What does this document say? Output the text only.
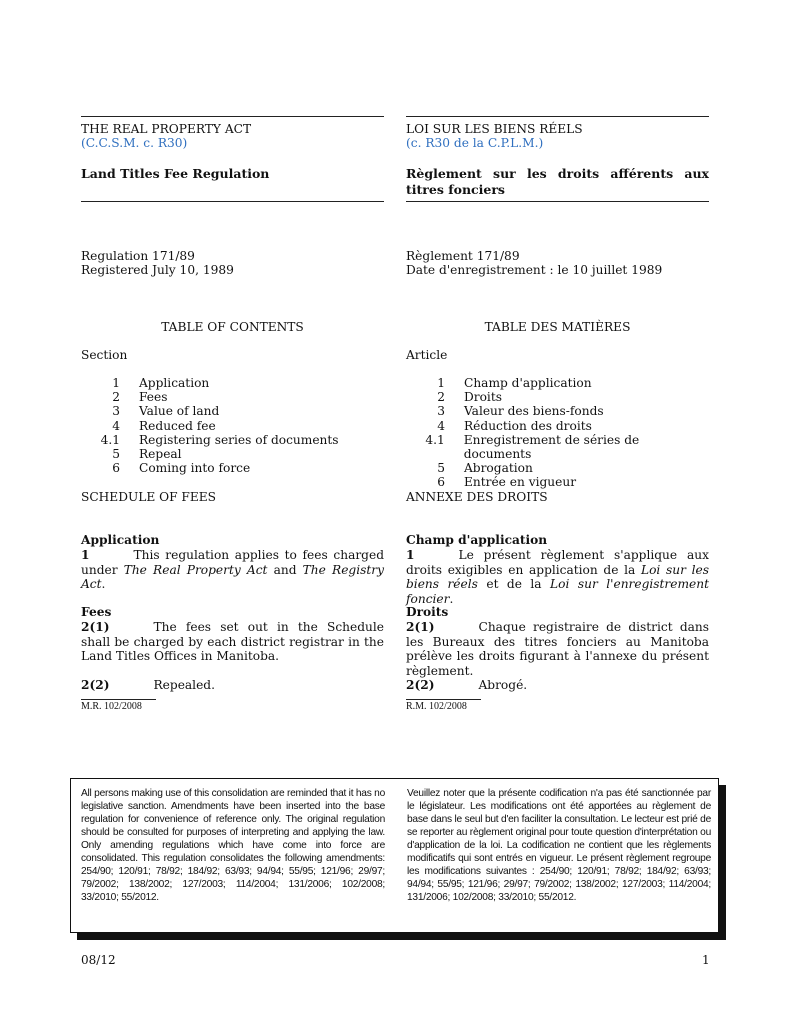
THE REAL PROPERTY ACT
(C.C.S.M. c. R30)
Land Titles Fee Regulation
Regulation 171/89
Registered July 10, 1989
TABLE OF CONTENTS
Section
1	Application
2	Fees
3	Value of land
4	Reduced fee
4.1	Registering series of documents
5	Repeal
6	Coming into force
SCHEDULE OF FEES
Application
1	This regulation applies to fees charged under The Real Property Act and The Registry Act.
Fees
2(1)	The fees set out in the Schedule shall be charged by each district registrar in the Land Titles Offices in Manitoba.
2(2)	Repealed.
M.R. 102/2008
LOI SUR LES BIENS RÉELS
(c. R30 de la C.P.L.M.)
Règlement sur les droits afférents aux titres fonciers
Règlement 171/89
Date d'enregistrement : le 10 juillet 1989
TABLE DES MATIÈRES
Article
1	Champ d'application
2	Droits
3	Valeur des biens-fonds
4	Réduction des droits
4.1	Enregistrement de séries de documents
5	Abrogation
6	Entrée en vigueur
ANNEXE DES DROITS
Champ d'application
1	Le présent règlement s'applique aux droits exigibles en application de la Loi sur les biens réels et de la Loi sur l'enregistrement foncier.
Droits
2(1)	Chaque registraire de district dans les Bureaux des titres fonciers au Manitoba prélève les droits figurant à l'annexe du présent règlement.
2(2)	Abrogé.
R.M. 102/2008
All persons making use of this consolidation are reminded that it has no legislative sanction. Amendments have been inserted into the base regulation for convenience of reference only. The original regulation should be consulted for purposes of interpreting and applying the law. Only amending regulations which have come into force are consolidated. This regulation consolidates the following amendments: 254/90; 120/91; 78/92; 184/92; 63/93; 94/94; 55/95; 121/96; 29/97; 79/2002; 138/2002; 127/2003; 114/2004; 131/2006; 102/2008; 33/2010; 55/2012.
Veuillez noter que la présente codification n'a pas été sanctionnée par le législateur. Les modifications ont été apportées au règlement de base dans le seul but d'en faciliter la consultation. Le lecteur est prié de se reporter au règlement original pour toute question d'interprétation ou d'application de la loi. La codification ne contient que les règlements modificatifs qui sont entrés en vigueur. Le présent règlement regroupe les modifications suivantes : 254/90; 120/91; 78/92; 184/92; 63/93; 94/94; 55/95; 121/96; 29/97; 79/2002; 138/2002; 127/2003; 114/2004; 131/2006; 102/2008; 33/2010; 55/2012.
08/12	1
